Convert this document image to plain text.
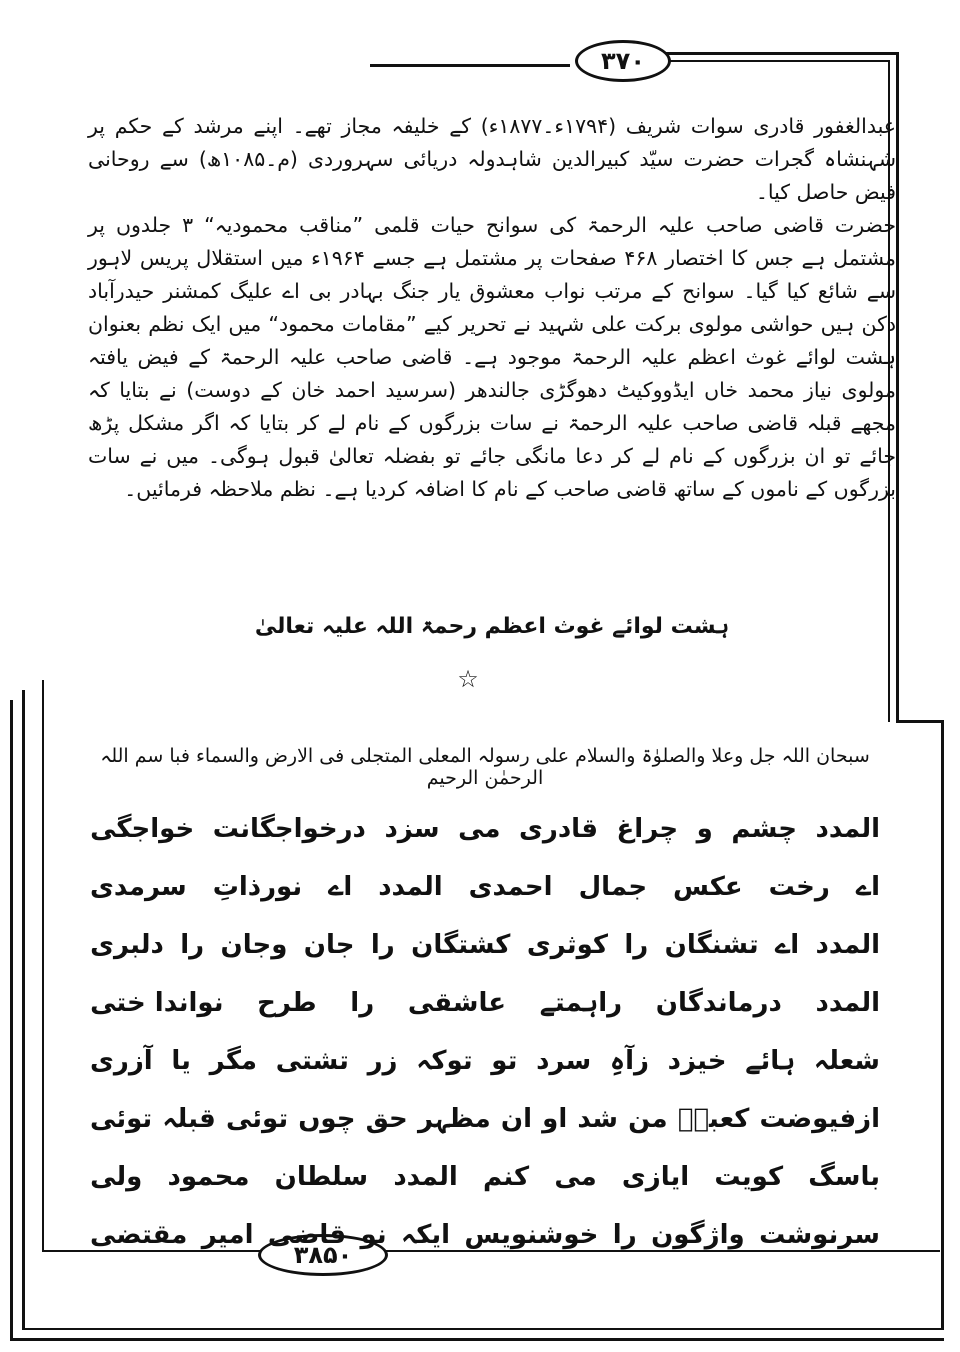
۳۷۰
۳۸۵۰

عبدالغفور قادری سوات شریف (۱۷۹۴ء۔۱۸۷۷ء) کے خلیفہ مجاز تھے۔ اپنے مرشد کے حکم پر شہنشاہ گجرات حضرت سیّد کبیرالدین شاہدولہ دریائی سہروردی (م۔۱۰۸۵ھ) سے روحانی فیض حاصل کیا۔

حضرت قاضی صاحب علیہ الرحمۃ کی سوانح حیات قلمی ”مناقب محمودیہ“ ۳ جلدوں پر مشتمل ہے جس کا اختصار ۴۶۸ صفحات پر مشتمل ہے جسے ۱۹۶۴ء میں استقلال پریس لاہور سے شائع کیا گیا۔ سوانح کے مرتب نواب معشوق یار جنگ بہادر بی اے علیگ کمشنر حیدرآباد دکن ہیں حواشی مولوی برکت علی شہید نے تحریر کیے ”مقامات محمود“ میں ایک نظم بعنوان ہشت لوائے غوث اعظم علیہ الرحمۃ موجود ہے۔ قاضی صاحب علیہ الرحمۃ کے فیض یافتہ مولوی نیاز محمد خاں ایڈووکیٹ دھوگڑی جالندھر (سرسید احمد خان کے دوست) نے بتایا کہ مجھے قبلہ قاضی صاحب علیہ الرحمۃ نے سات بزرگوں کے نام لے کر بتایا کہ اگر مشکل پڑھ جائے تو ان بزرگوں کے نام لے کر دعا مانگی جائے تو بفضلہ تعالیٰ قبول ہوگی۔ میں نے سات بزرگوں کے ناموں کے ساتھ قاضی صاحب کے نام کا اضافہ کردیا ہے۔ نظم ملاحظہ فرمائیں۔

ہشت لوائے غوث اعظم رحمۃ اللہ علیہ تعالیٰ
☆
سبحان اللہ جل وعلا والصلوٰۃ والسلام علی رسولہ المعلی المتجلی فی الارض والسماء فبا سم اللہ الرحمٰن الرحیم
المدد
چشم
و
چراغ
قادری
می
سزد
درخواجگانت
خواجگی
اے
رخت
عکس
جمال
احمدی
المدد
اے
نورذاتِ
سرمدی
المدد
اے
تشنگان
را
کوثری
کشتگان
را
جان
وجان
را
دلبری
المدد
درماندگان
راہمتے
عاشقی
را
طرح
نواندا ختی
شعلہ
ہائے
خیزد
زآہِ
سرد
تو
توکہ
زر
تشتی
مگر
یا
آزری
ازفیوضت
کعبہؑ
من
شد
او
ان
مظہر
حق
چوں
توئی
قبلہ
توئی
باسگ
کویت
ایازی
می
کنم
المدد
سلطان
محمود
ولی
سرنوشت
واژگون
را
خوشنویس
ایکہ
نو
قاضی
امیر
مقتضی
